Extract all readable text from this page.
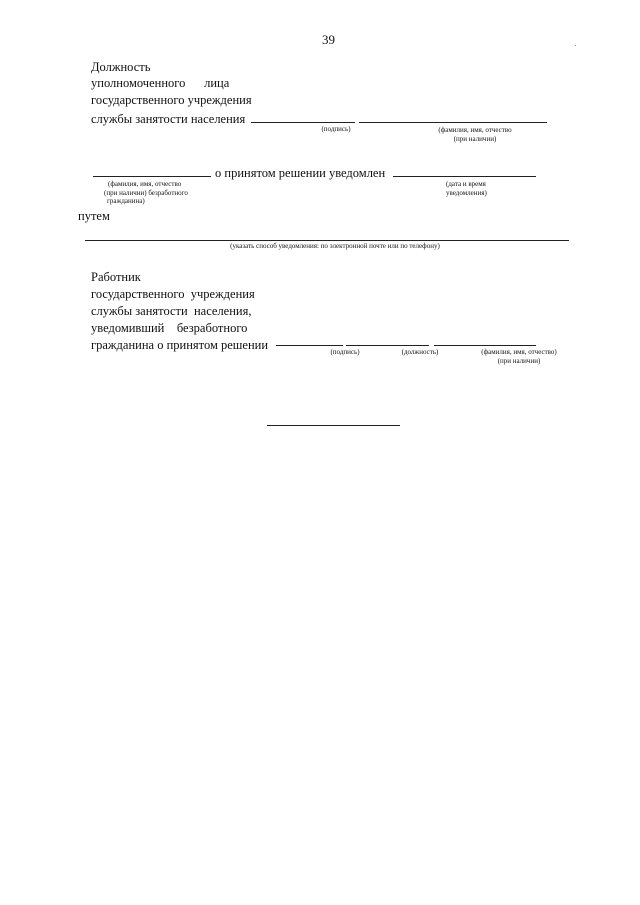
39
Должность
уполномоченного      лица
государственного учреждения
службы занятости населения
(подпись)	(фамилия, имя, отчество
(при наличии)
о принятом решении уведомлен
(фамилия, имя, отчество
(при наличии) безработного
гражданина)
(дата и время
уведомления)
путем
(указать способ уведомления: по электронной почте или по телефону)
Работник
государственного  учреждения
службы занятости  населения,
уведомивший    безработного
гражданина о принятом решении	(подпись)	(должность)	(фамилия, имя, отчество)
(при наличии)
